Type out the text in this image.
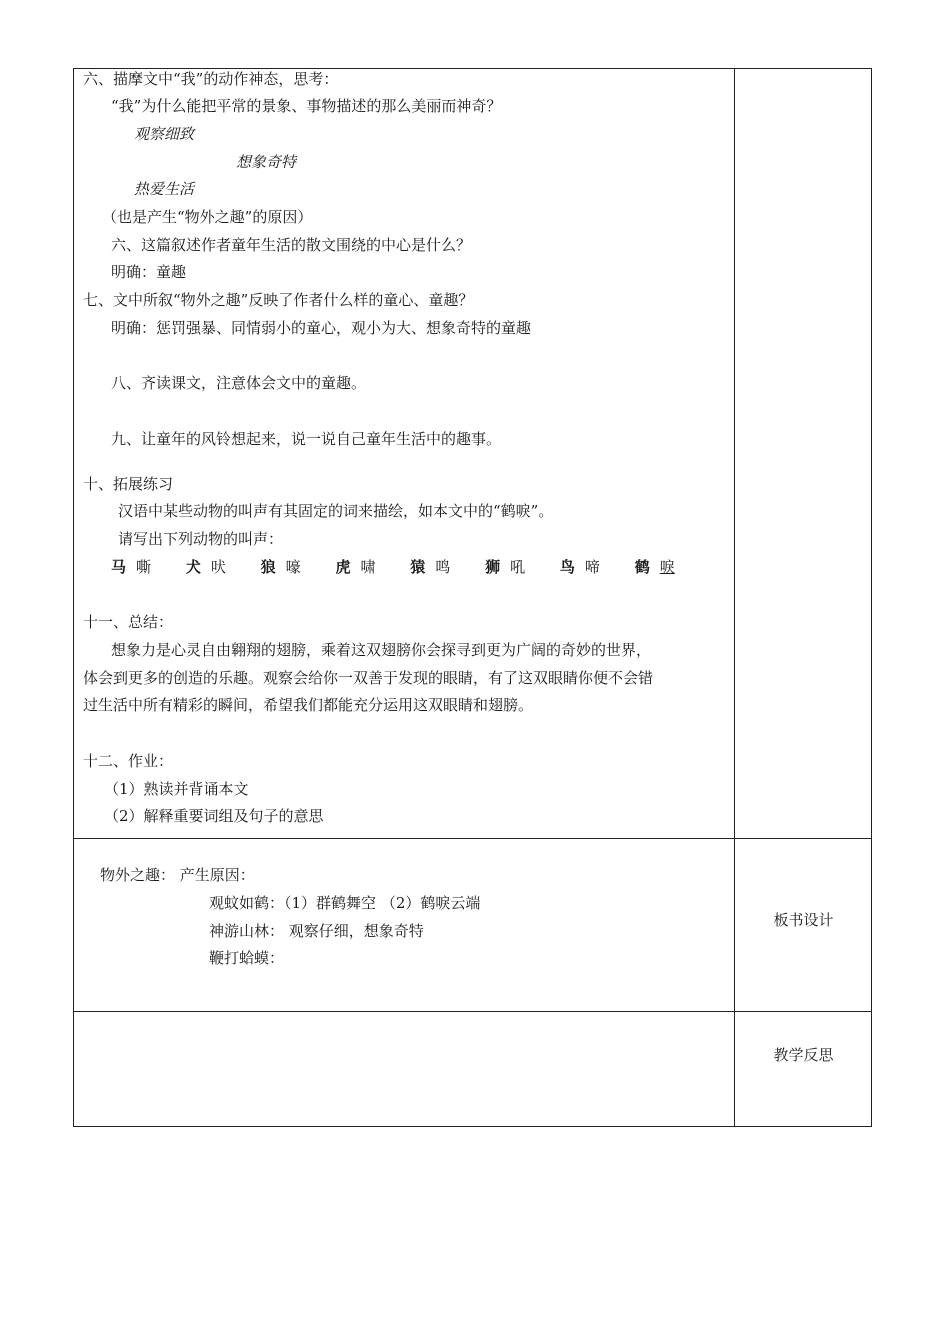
六、描摩文中“我”的动作神态，思考：
“我”为什么能把平常的景象、事物描述的那么美丽而神奇？
观察细致
想象奇特
热爱生活
（也是产生“物外之趣”的原因）
六、这篇叙述作者童年生活的散文围绕的中心是什么？
明确：童趣
七、文中所叙“物外之趣”反映了作者什么样的童心、童趣？
明确：惩罚强暴、同情弱小的童心，观小为大、想象奇特的童趣
八、齐读课文，注意体会文中的童趣。
九、让童年的风铃想起来，说一说自己童年生活中的趣事。
十、拓展练习
汉语中某些动物的叫声有其固定的词来描绘，如本文中的“鹤唳”。
请写出下列动物的叫声：
马 嘶 犬 吠 狼 嚎 虎 啸 猿 鸣 狮 吼 鸟 啼 鹤 唳
十一、总结：
想象力是心灵自由翱翔的翅膀，乘着这双翅膀你会探寻到更为广阔的奇妙的世界，
体会到更多的创造的乐趣。观察会给你一双善于发现的眼睛，有了这双眼睛你便不会错
过生活中所有精彩的瞬间，希望我们都能充分运用这双眼睛和翅膀。
十二、作业：
（1）熟读并背诵本文
（2）解释重要词组及句子的意思
物外之趣： 产生原因：
观蚊如鹤：（1）群鹤舞空 （2）鹤唳云端
神游山林： 观察仔细，想象奇特
鞭打蛤蟆：
板书设计
教学反思
